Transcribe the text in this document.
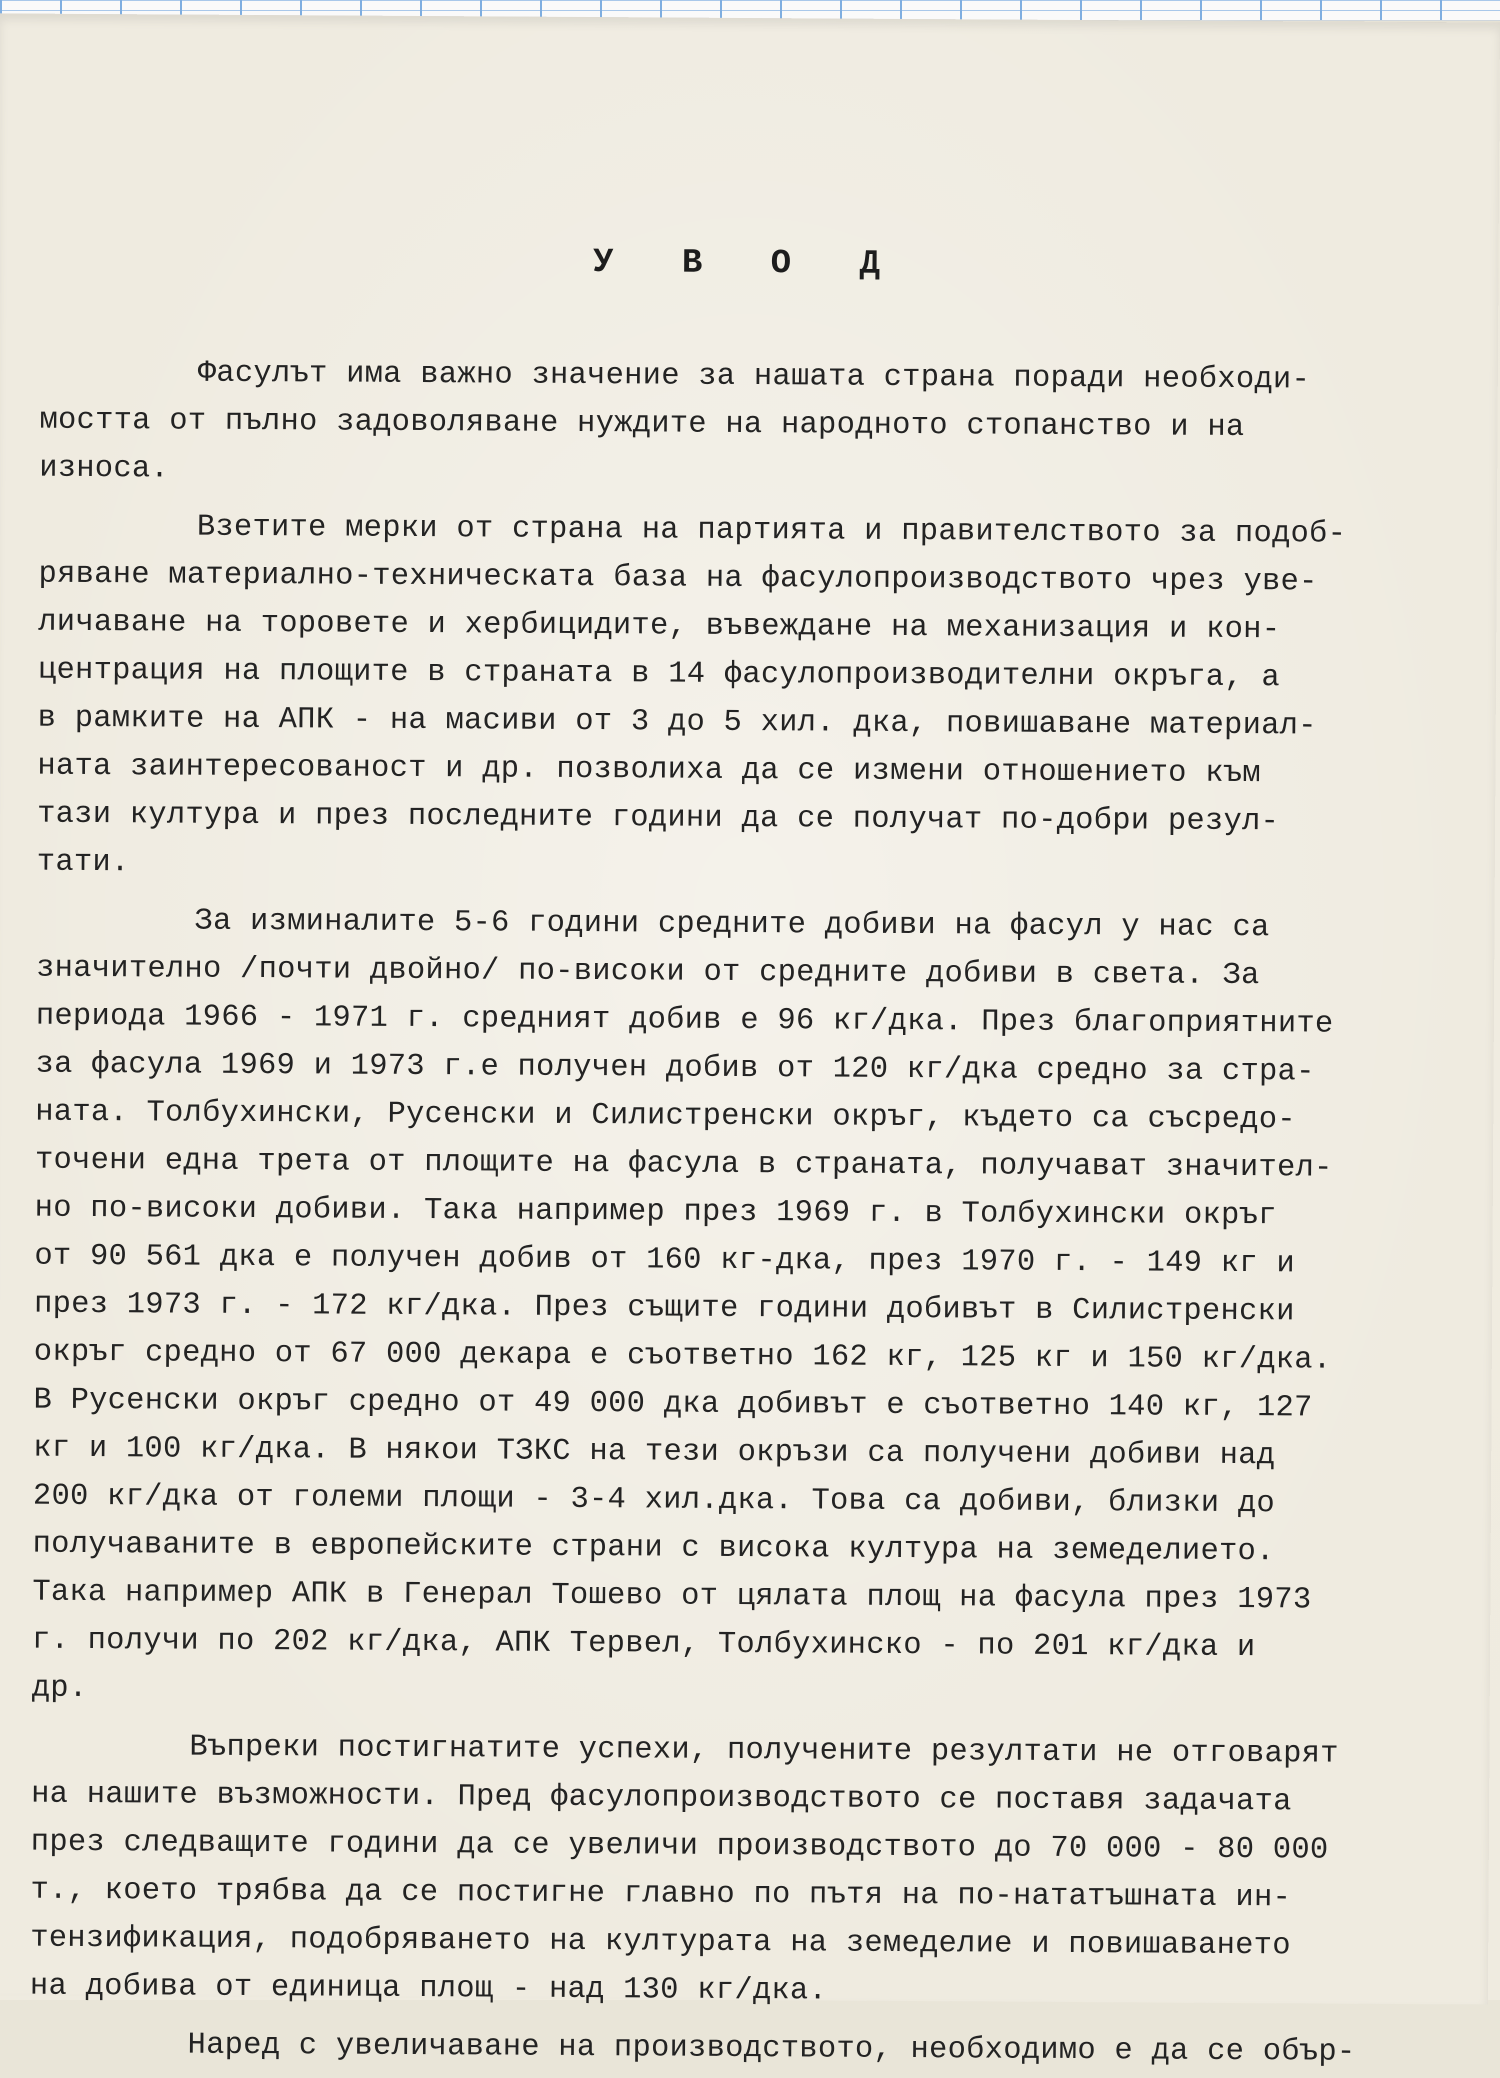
У В О Д
Фасулът има важно значение за нашата страна поради необходи-
мостта от пълно задоволяване нуждите на народното стопанство и на
износа.
Взетите мерки от страна на партията и правителството за подоб-
ряване материално-техническата база на фасулопроизводството чрез уве-
личаване на торовете и хербицидите, въвеждане на механизация и кон-
центрация на площите в страната в 14 фасулопроизводителни окръга, а
в рамките на АПК - на масиви от 3 до 5 хил. дка, повишаване материал-
ната заинтересованост и др. позволиха да се измени отношението към
тази култура и през последните години да се получат по-добри резул-
тати.
За изминалите 5-6 години средните добиви на фасул у нас са
значително /почти двойно/ по-високи от средните добиви в света. За
периода 1966 - 1971 г. средният добив е 96 кг/дка. През благоприятните
за фасула 1969 и 1973 г.е получен добив от 120 кг/дка средно за стра-
ната. Толбухински, Русенски и Силистренски окръг, където са съсредо-
точени една трета от площите на фасула в страната, получават значител-
но по-високи добиви. Така например през 1969 г. в Толбухински окръг
от 90 561 дка е получен добив от 160 кг-дка, през 1970 г. - 149 кг и
през 1973 г. - 172 кг/дка. През същите години добивът в Силистренски
окръг средно от 67 000 декара е съответно 162 кг, 125 кг и 150 кг/дка.
В Русенски окръг средно от 49 000 дка добивът е съответно 140 кг, 127
кг и 100 кг/дка. В някои ТЗКС на тези окръзи са получени добиви над
200 кг/дка от големи площи - 3-4 хил.дка. Това са добиви, близки до
получаваните в европейските страни с висока култура на земеделието.
Така например АПК в Генерал Тошево от цялата площ на фасула през 1973
г. получи по 202 кг/дка, АПК Тервел, Толбухинско - по 201 кг/дка и
др.
Въпреки постигнатите успехи, получените резултати не отговарят
на нашите възможности. Пред фасулопроизводството се поставя задачата
през следващите години да се увеличи производството до 70 000 - 80 000
т., което трябва да се постигне главно по пътя на по-нататъшната ин-
тензификация, подобряването на културата на земеделие и повишаването
на добива от единица площ - над 130 кг/дка.
Наред с увеличаване на производството, необходимо е да се обър-
